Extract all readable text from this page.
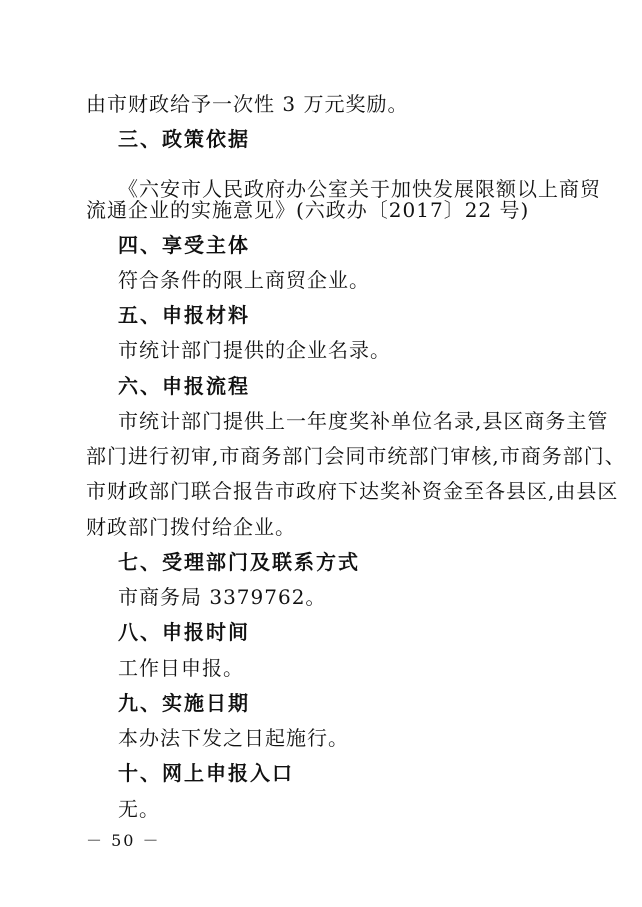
由市财政给予一次性 3 万元奖励。
三、政策依据
《六安市人民政府办公室关于加快发展限额以上商贸
流通企业的实施意见》(六政办〔2017〕22 号)
四、享受主体
符合条件的限上商贸企业。
五、申报材料
市统计部门提供的企业名录。
六、申报流程
市统计部门提供上一年度奖补单位名录,县区商务主管
部门进行初审,市商务部门会同市统部门审核,市商务部门、
市财政部门联合报告市政府下达奖补资金至各县区,由县区
财政部门拨付给企业。
七、受理部门及联系方式
市商务局 3379762。
八、申报时间
工作日申报。
九、实施日期
本办法下发之日起施行。
十、网上申报入口
无。
－ 50 －
